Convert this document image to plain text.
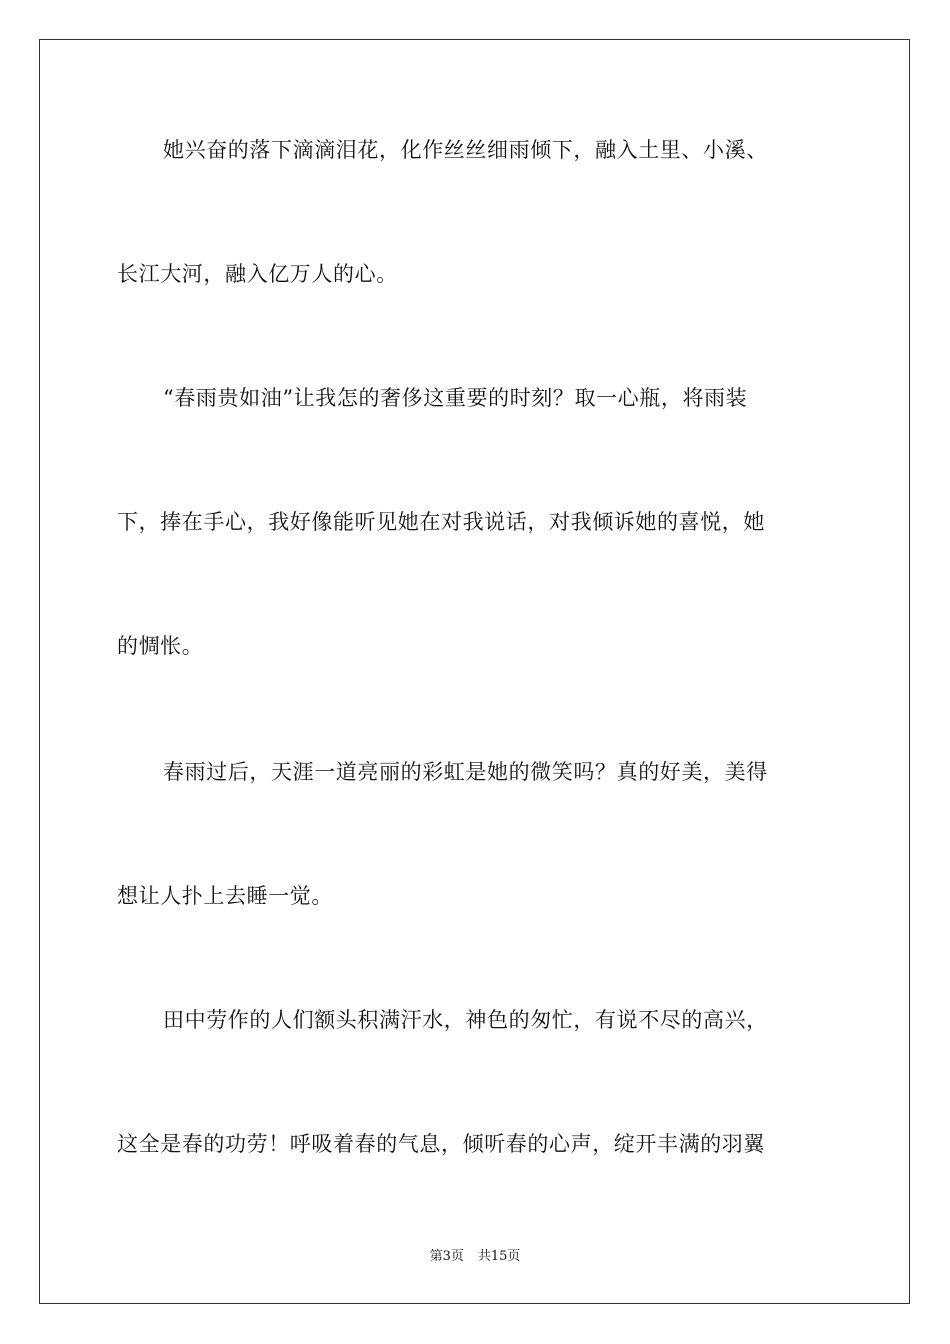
她兴奋的落下滴滴泪花，化作丝丝细雨倾下，融入土里、小溪、
长江大河，融入亿万人的心。
“春雨贵如油”让我怎的奢侈这重要的时刻？取一心瓶，将雨装
下，捧在手心，我好像能听见她在对我说话，对我倾诉她的喜悦，她
的惆怅。
春雨过后，天涯一道亮丽的彩虹是她的微笑吗？真的好美，美得
想让人扑上去睡一觉。
田中劳作的人们额头积满汗水，神色的匆忙，有说不尽的高兴，
这全是春的功劳！呼吸着春的气息，倾听春的心声，绽开丰满的羽翼
第3页 共15页
